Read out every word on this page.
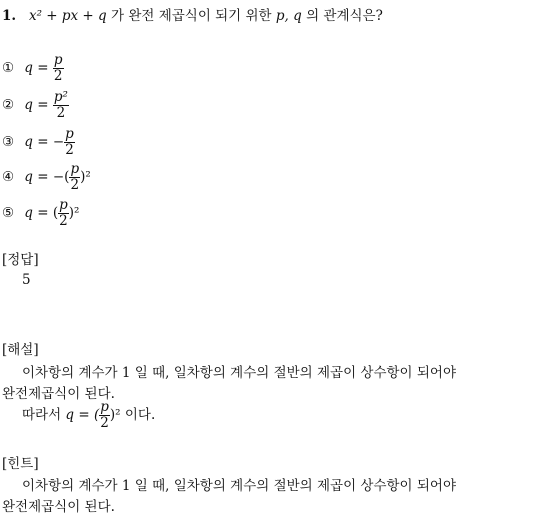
1. x² + px + q 가 완전 제곱식이 되기 위한 p, q 의 관계식은?
① $q = \frac{p}{2}$
② $q = \frac{\text{p²}}{2}$
③ q = − $\frac{p}{2}$
④ q = −( $\frac{p}{2} )^2$
⑤ q = ( $\frac{p}{2} )^2$
[정답]
5
[해설]
이차항의 계수가 1 일 때, 일차항의 계수의 절반의 제곱이 상수항이 되어야
완전제곱식이 된다.
따라서 q = ( $\frac{p}{2} )^2$ 이다.
[힌트]
이차항의 계수가 1 일 때, 일차항의 계수의 절반의 제곱이 상수항이 되어야
완전제곱식이 된다.
